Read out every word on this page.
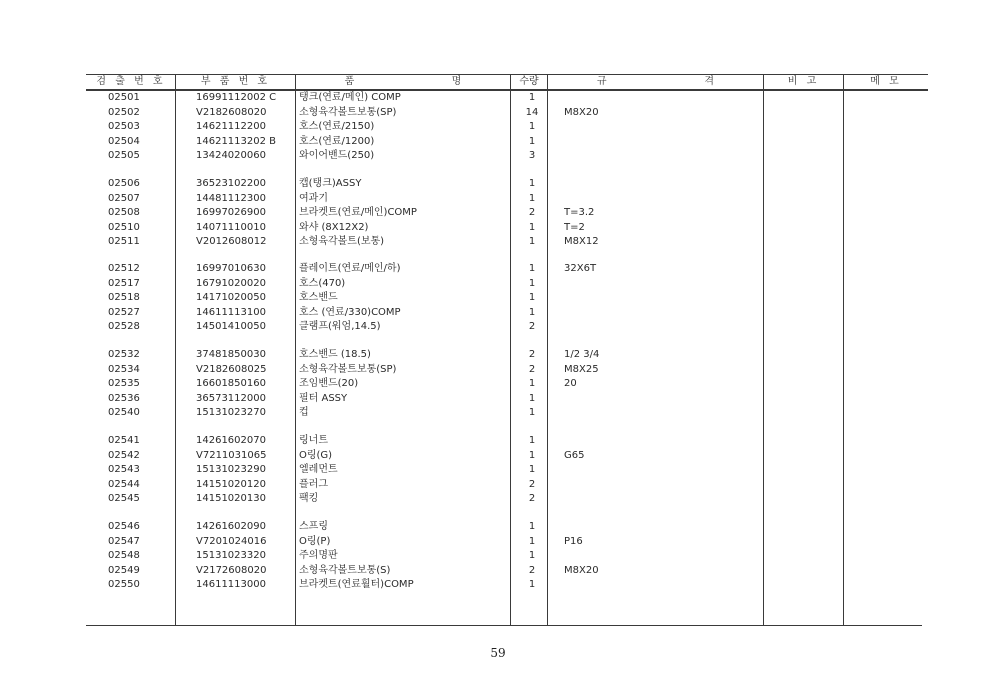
검 출 번 호	부 품 번 호	품	명	수량	규	격	비 고	메 모
02501	16991112002 C	탱크(연료/메인) COMP	1
02502	V2182608020	소형육각볼트보통(SP)	14	M8X20
02503	14621112200	호스(연료/2150)	1
02504	14621113202 B	호스(연료/1200)	1
02505	13424020060	와이어밴드(250)	3
02506	36523102200	캡(탱크)ASSY	1
02507	14481112300	여과기	1
02508	16997026900	브라켓트(연료/메인)COMP	2	T=3.2
02510	14071110010	와샤 (8X12X2)	1	T=2
02511	V2012608012	소형육각볼트(보통)	1	M8X12
02512	16997010630	플레이트(연료/메인/하)	1	32X6T
02517	16791020020	호스(470)	1
02518	14171020050	호스밴드	1
02527	14611113100	호스 (연료/330)COMP	1
02528	14501410050	클램프(워엄,14.5)	2
02532	37481850030	호스밴드 (18.5)	2	1/2 3/4
02534	V2182608025	소형육각볼트보통(SP)	2	M8X25
02535	16601850160	조임밴드(20)	1	20
02536	36573112000	필터 ASSY	1
02540	15131023270	컵	1
02541	14261602070	링너트	1
02542	V7211031065	O링(G)	1	G65
02543	15131023290	엘레먼트	1
02544	14151020120	플러그	2
02545	14151020130	팩킹	2
02546	14261602090	스프링	1
02547	V7201024016	O링(P)	1	P16
02548	15131023320	주의명판	1
02549	V2172608020	소형육각볼트보통(S)	2	M8X20
02550	14611113000	브라켓트(연료휠터)COMP	1
59
